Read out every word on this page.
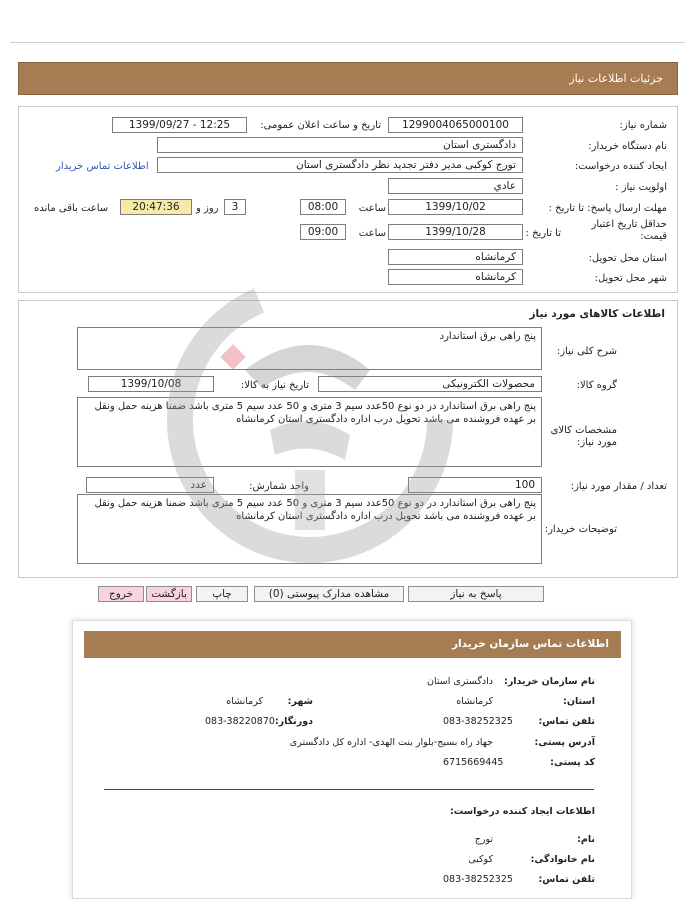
جزئیات اطلاعات نیاز
شماره نیاز:
1299004065000100
تاریخ و ساعت اعلان عمومی:
1399/09/27 - 12:25
نام دستگاه خریدار:
دادگستری استان
ایجاد کننده درخواست:
تورج کوکبی مدیر دفتر تجدید نظر دادگستری استان
اطلاعات تماس خریدار
اولویت نیاز :
عادي
مهلت ارسال پاسخ: تا تاریخ :
1399/10/02
ساعت
08:00
3
روز و
20:47:36
ساعت باقی مانده
حداقل تاریخ اعتبار قیمت:
تا تاریخ :
1399/10/28
ساعت
09:00
استان محل تحویل:
کرمانشاه
شهر محل تحویل:
کرمانشاه
اطلاعات کالاهای مورد نیاز
شرح کلی نیاز:
پنج راهی برق استاندارد
گروه کالا:
محصولات الکترونیکی
تاریخ نیاز به کالا:
1399/10/08
مشخصات کالای مورد نیاز:
پنج راهی برق استاندارد در دو نوع 50عدد سیم 3 متری و 50 عدد سیم 5 متری باشد ضمنا هزینه حمل ونقل بر عهده فروشنده می باشد تحویل درب اداره دادگستری استان کرمانشاه
تعداد / مقدار مورد نیاز:
100
واحد شمارش:
عدد
توضیحات خریدار:
پنج راهی برق استاندارد در دو نوع 50عدد سیم 3 متری و 50 عدد سیم 5 متری باشد ضمنا هزینه حمل ونقل بر عهده فروشنده می باشد تحویل درب اداره دادگستری استان کرمانشاه
پاسخ به نیاز
مشاهده مدارک پیوستی (0)
چاپ
بازگشت
خروج
اطلاعات تماس سازمان خریدار
نام سازمان خریدار:
دادگستری استان
استان:
کرمانشاه
شهر:
کرمانشاه
تلفن تماس:
083-38252325
دورنگار:
083-38220870
آدرس پستی:
جهاد راه بسیج-بلوار بنت الهدی- اداره کل دادگستری
کد پستی:
6715669445
اطلاعات ایجاد کننده درخواست:
نام:
تورج
نام خانوادگی:
کوکبی
تلفن تماس:
083-38252325
